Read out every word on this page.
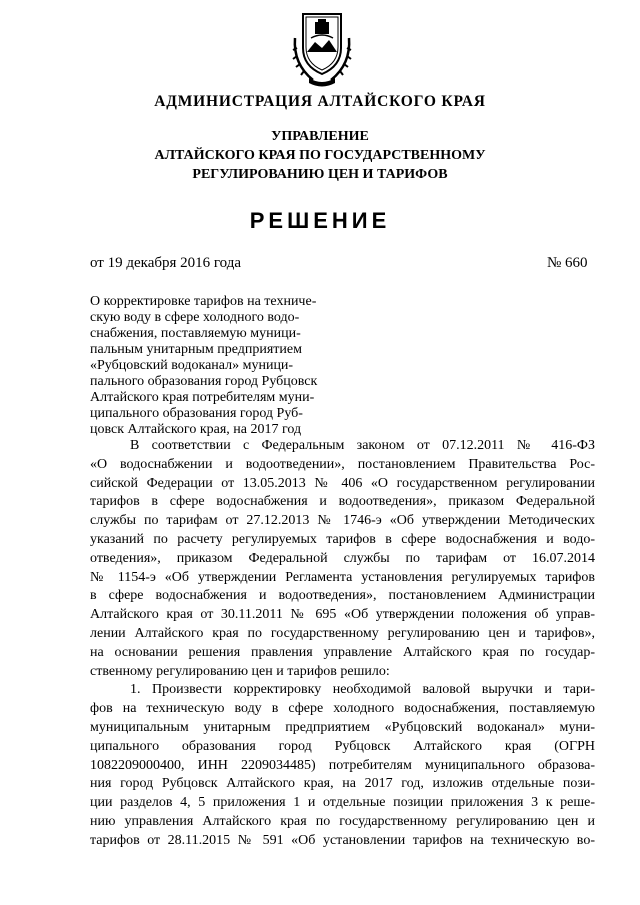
АДМИНИСТРАЦИЯ АЛТАЙСКОГО КРАЯ
УПРАВЛЕНИЕ
АЛТАЙСКОГО КРАЯ ПО ГОСУДАРСТВЕННОМУ
РЕГУЛИРОВАНИЮ ЦЕН И ТАРИФОВ
РЕШЕНИЕ
от 19 декабря 2016 года	№ 660
О корректировке тарифов на техниче-
скую воду в сфере холодного водо-
снабжения, поставляемую муници-
пальным унитарным предприятием
«Рубцовский водоканал» муници-
пального образования город Рубцовск
Алтайского края потребителям муни-
ципального образования город Руб-
цовск Алтайского края, на 2017 год
В соответствии с Федеральным законом от 07.12.2011 № 416-ФЗ
«О водоснабжении и водоотведении», постановлением Правительства Рос-
сийской Федерации от 13.05.2013 № 406 «О государственном регулировании
тарифов в сфере водоснабжения и водоотведения», приказом Федеральной
службы по тарифам от 27.12.2013 № 1746-э «Об утверждении Методических
указаний по расчету регулируемых тарифов в сфере водоснабжения и водо-
отведения», приказом Федеральной службы по тарифам от 16.07.2014
№ 1154-э «Об утверждении Регламента установления регулируемых тарифов
в сфере водоснабжения и водоотведения», постановлением Администрации
Алтайского края от 30.11.2011 № 695 «Об утверждении положения об управ-
лении Алтайского края по государственному регулированию цен и тарифов»,
на основании решения правления управление Алтайского края по государ-
ственному регулированию цен и тарифов решило:
1. Произвести корректировку необходимой валовой выручки и тари-
фов на техническую воду в сфере холодного водоснабжения, поставляемую
муниципальным унитарным предприятием «Рубцовский водоканал» муни-
ципального образования город Рубцовск Алтайского края (ОГРН
1082209000400, ИНН 2209034485) потребителям муниципального образова-
ния город Рубцовск Алтайского края, на 2017 год, изложив отдельные пози-
ции разделов 4, 5 приложения 1 и отдельные позиции приложения 3 к реше-
нию управления Алтайского края по государственному регулированию цен и
тарифов от 28.11.2015 № 591 «Об установлении тарифов на техническую во-
